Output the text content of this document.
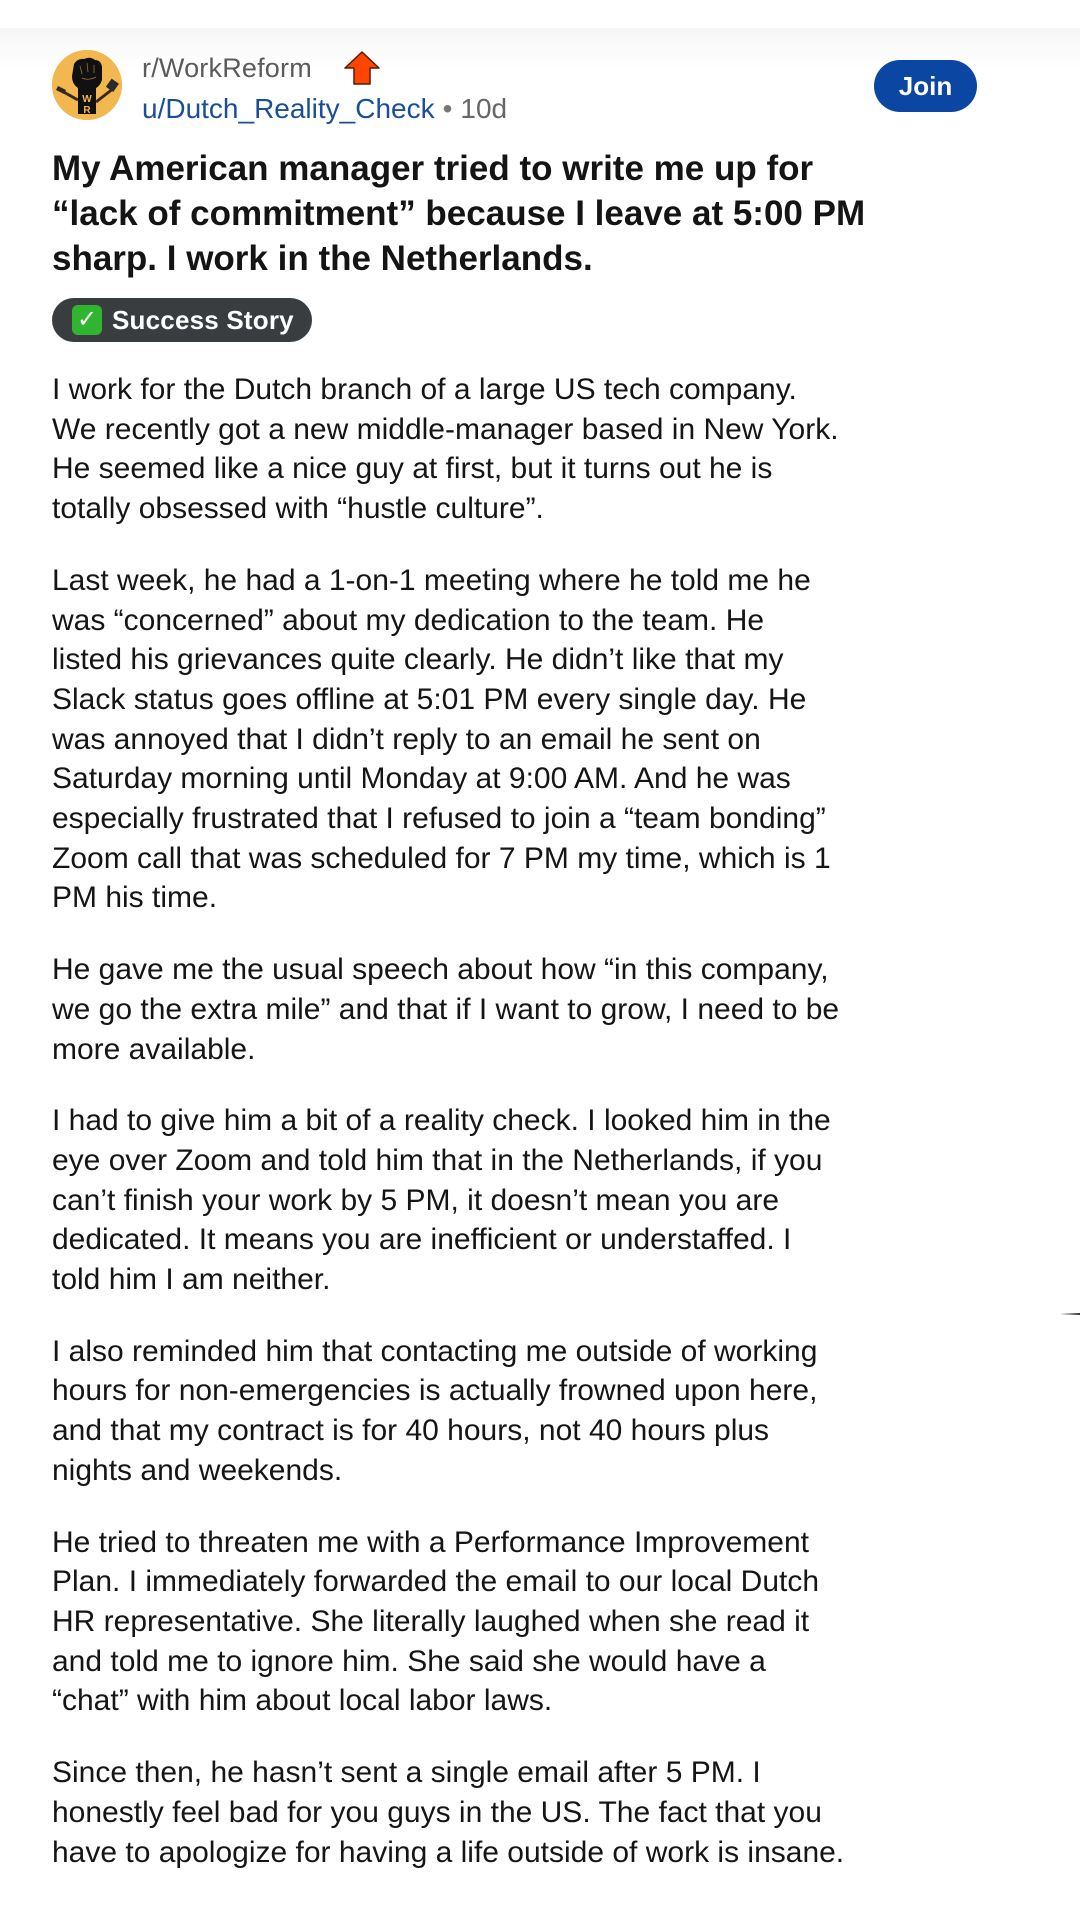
W
R
r/WorkReform
u/Dutch_Reality_Check • 10d
Join
My American manager tried to write me up for
“lack of commitment” because I leave at 5:00 PM
sharp. I work in the Netherlands.
✓ Success Story

I work for the Dutch branch of a large US tech company.
We recently got a new middle-manager based in New York.
He seemed like a nice guy at first, but it turns out he is
totally obsessed with “hustle culture”.

Last week, he had a 1-on-1 meeting where he told me he
was “concerned” about my dedication to the team. He
listed his grievances quite clearly. He didn’t like that my
Slack status goes offline at 5:01 PM every single day. He
was annoyed that I didn’t reply to an email he sent on
Saturday morning until Monday at 9:00 AM. And he was
especially frustrated that I refused to join a “team bonding”
Zoom call that was scheduled for 7 PM my time, which is 1
PM his time.

He gave me the usual speech about how “in this company,
we go the extra mile” and that if I want to grow, I need to be
more available.

I had to give him a bit of a reality check. I looked him in the
eye over Zoom and told him that in the Netherlands, if you
can’t finish your work by 5 PM, it doesn’t mean you are
dedicated. It means you are inefficient or understaffed. I
told him I am neither.

I also reminded him that contacting me outside of working
hours for non-emergencies is actually frowned upon here,
and that my contract is for 40 hours, not 40 hours plus
nights and weekends.

He tried to threaten me with a Performance Improvement
Plan. I immediately forwarded the email to our local Dutch
HR representative. She literally laughed when she read it
and told me to ignore him. She said she would have a
“chat” with him about local labor laws.

Since then, he hasn’t sent a single email after 5 PM. I
honestly feel bad for you guys in the US. The fact that you
have to apologize for having a life outside of work is insane.
